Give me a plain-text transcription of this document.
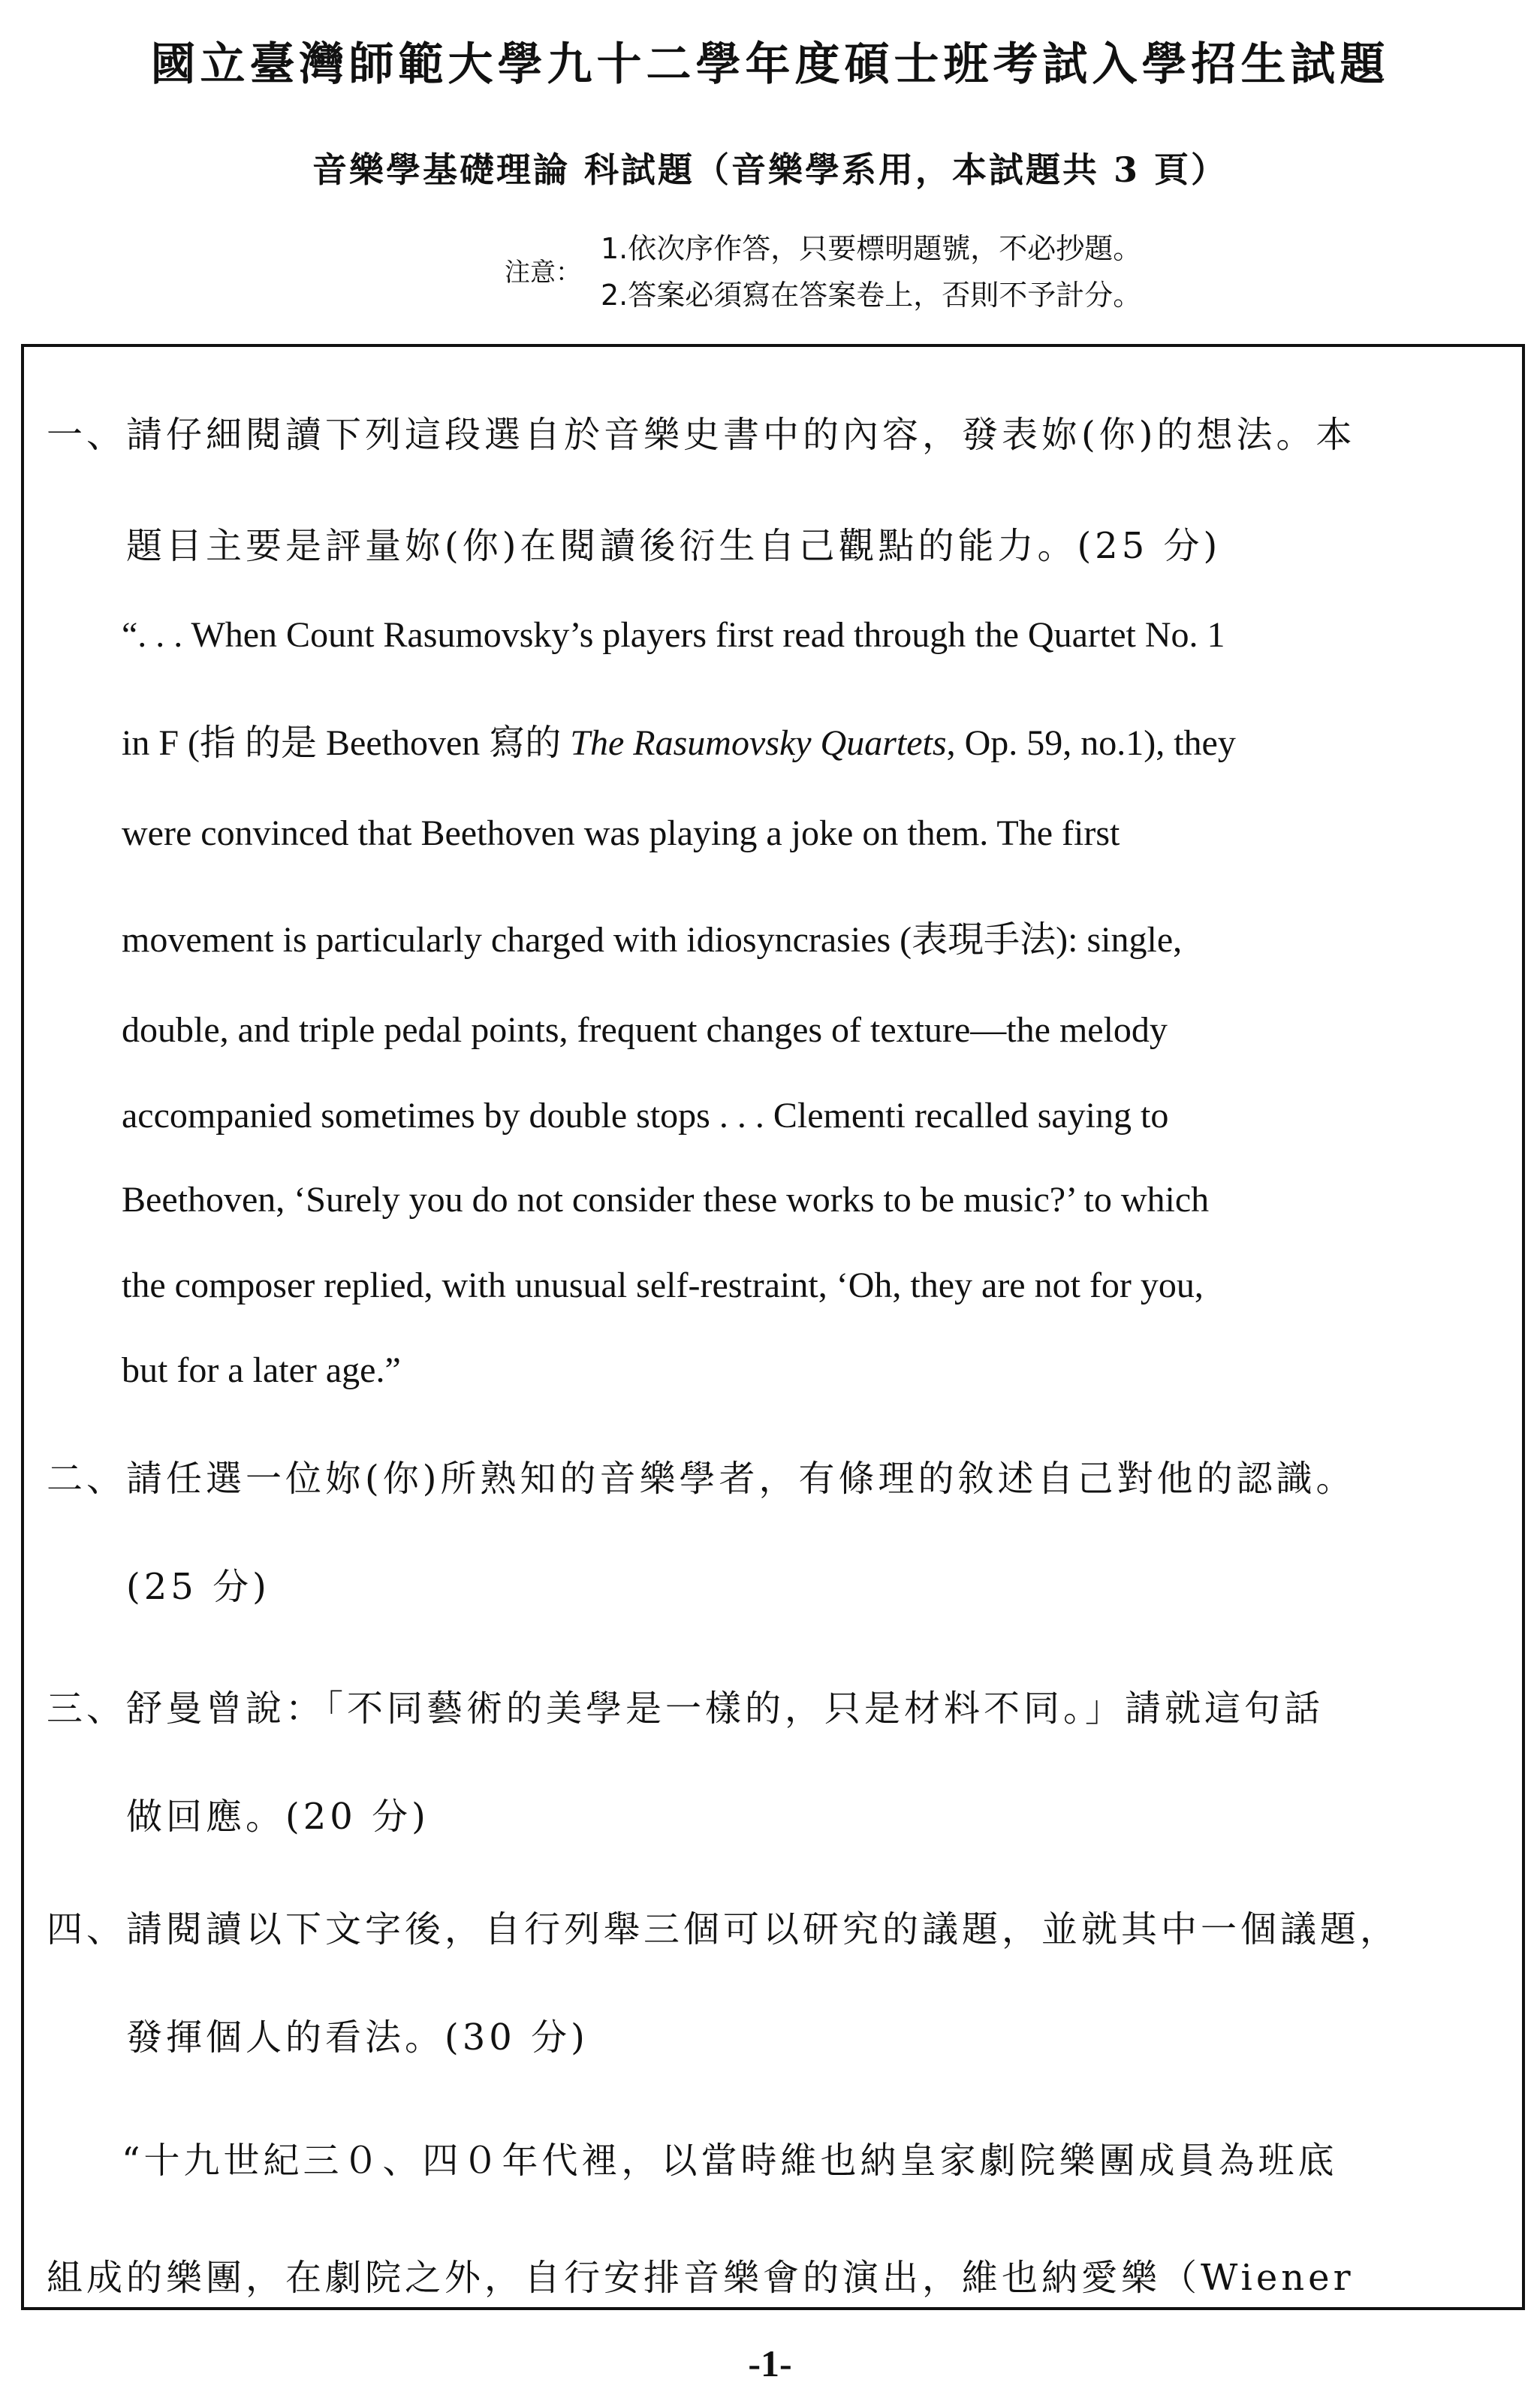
國立臺灣師範大學九十二學年度碩士班考試入學招生試題
音樂學基礎理論 科試題（音樂學系用，本試題共 3 頁）
注意：
1.依次序作答，只要標明題號，不必抄題。
2.答案必須寫在答案卷上，否則不予計分。
一、請仔細閱讀下列這段選自於音樂史書中的內容，發表妳(你)的想法。本
題目主要是評量妳(你)在閱讀後衍生自己觀點的能力。(25 分)
“. . . When Count Rasumovsky’s players first read through the Quartet No. 1
in F (指 的是 Beethoven 寫的 The Rasumovsky Quartets, Op. 59, no.1), they
were convinced that Beethoven was playing a joke on them. The first
movement is particularly charged with idiosyncrasies (表現手法): single,
double, and triple pedal points, frequent changes of texture—the melody
accompanied sometimes by double stops . . . Clementi recalled saying to
Beethoven, ‘Surely you do not consider these works to be music?’ to which
the composer replied, with unusual self-restraint, ‘Oh, they are not for you,
but for a later age.”
二、請任選一位妳(你)所熟知的音樂學者，有條理的敘述自己對他的認識。
(25 分)
三、舒曼曾說：「不同藝術的美學是一樣的，只是材料不同。」請就這句話
做回應。(20 分)
四、請閱讀以下文字後，自行列舉三個可以研究的議題，並就其中一個議題，
發揮個人的看法。(30 分)
“十九世紀三０、四０年代裡，以當時維也納皇家劇院樂團成員為班底
組成的樂團，在劇院之外，自行安排音樂會的演出，維也納愛樂（Wiener
-1-
